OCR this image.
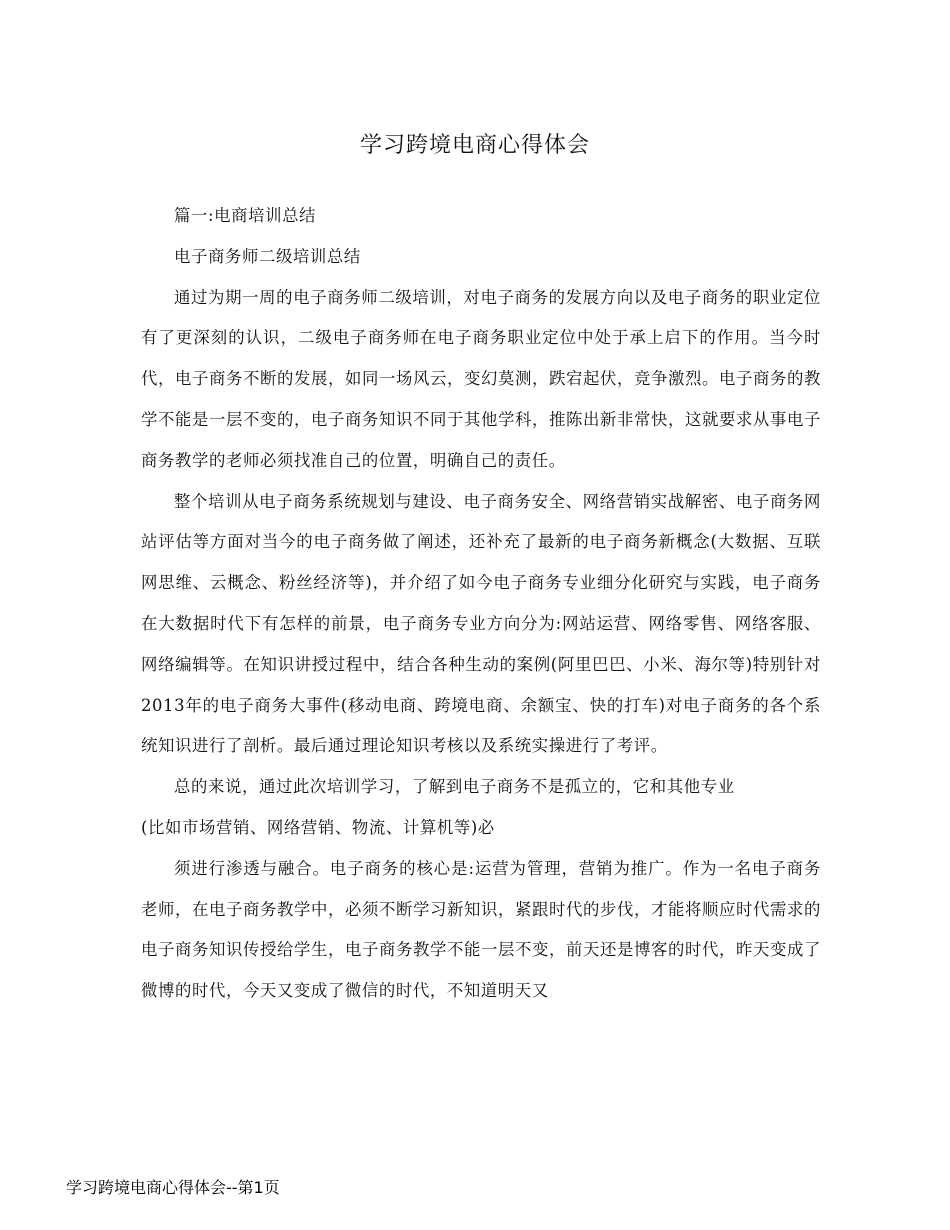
学习跨境电商心得体会

篇一:电商培训总结

电子商务师二级培训总结

通过为期一周的电子商务师二级培训，对电子商务的发展方向以及电子商务的职业定位有了更深刻的认识，二级电子商务师在电子商务职业定位中处于承上启下的作用。当今时代，电子商务不断的发展，如同一场风云，变幻莫测，跌宕起伏，竞争激烈。电子商务的教学不能是一层不变的，电子商务知识不同于其他学科，推陈出新非常快，这就要求从事电子商务教学的老师必须找准自己的位置，明确自己的责任。

整个培训从电子商务系统规划与建设、电子商务安全、网络营销实战解密、电子商务网站评估等方面对当今的电子商务做了阐述，还补充了最新的电子商务新概念(大数据、互联网思维、云概念、粉丝经济等)，并介绍了如今电子商务专业细分化研究与实践，电子商务在大数据时代下有怎样的前景，电子商务专业方向分为:网站运营、网络零售、网络客服、网络编辑等。在知识讲授过程中，结合各种生动的案例(阿里巴巴、小米、海尔等)特别针对2013年的电子商务大事件(移动电商、跨境电商、余额宝、快的打车)对电子商务的各个系统知识进行了剖析。最后通过理论知识考核以及系统实操进行了考评。

总的来说，通过此次培训学习，了解到电子商务不是孤立的，它和其他专业

(比如市场营销、网络营销、物流、计算机等)必

须进行渗透与融合。电子商务的核心是:运营为管理，营销为推广。作为一名电子商务老师，在电子商务教学中，必须不断学习新知识，紧跟时代的步伐，才能将顺应时代需求的电子商务知识传授给学生，电子商务教学不能一层不变，前天还是博客的时代，昨天变成了微博的时代，今天又变成了微信的时代，不知道明天又

学习跨境电商心得体会--第1页
